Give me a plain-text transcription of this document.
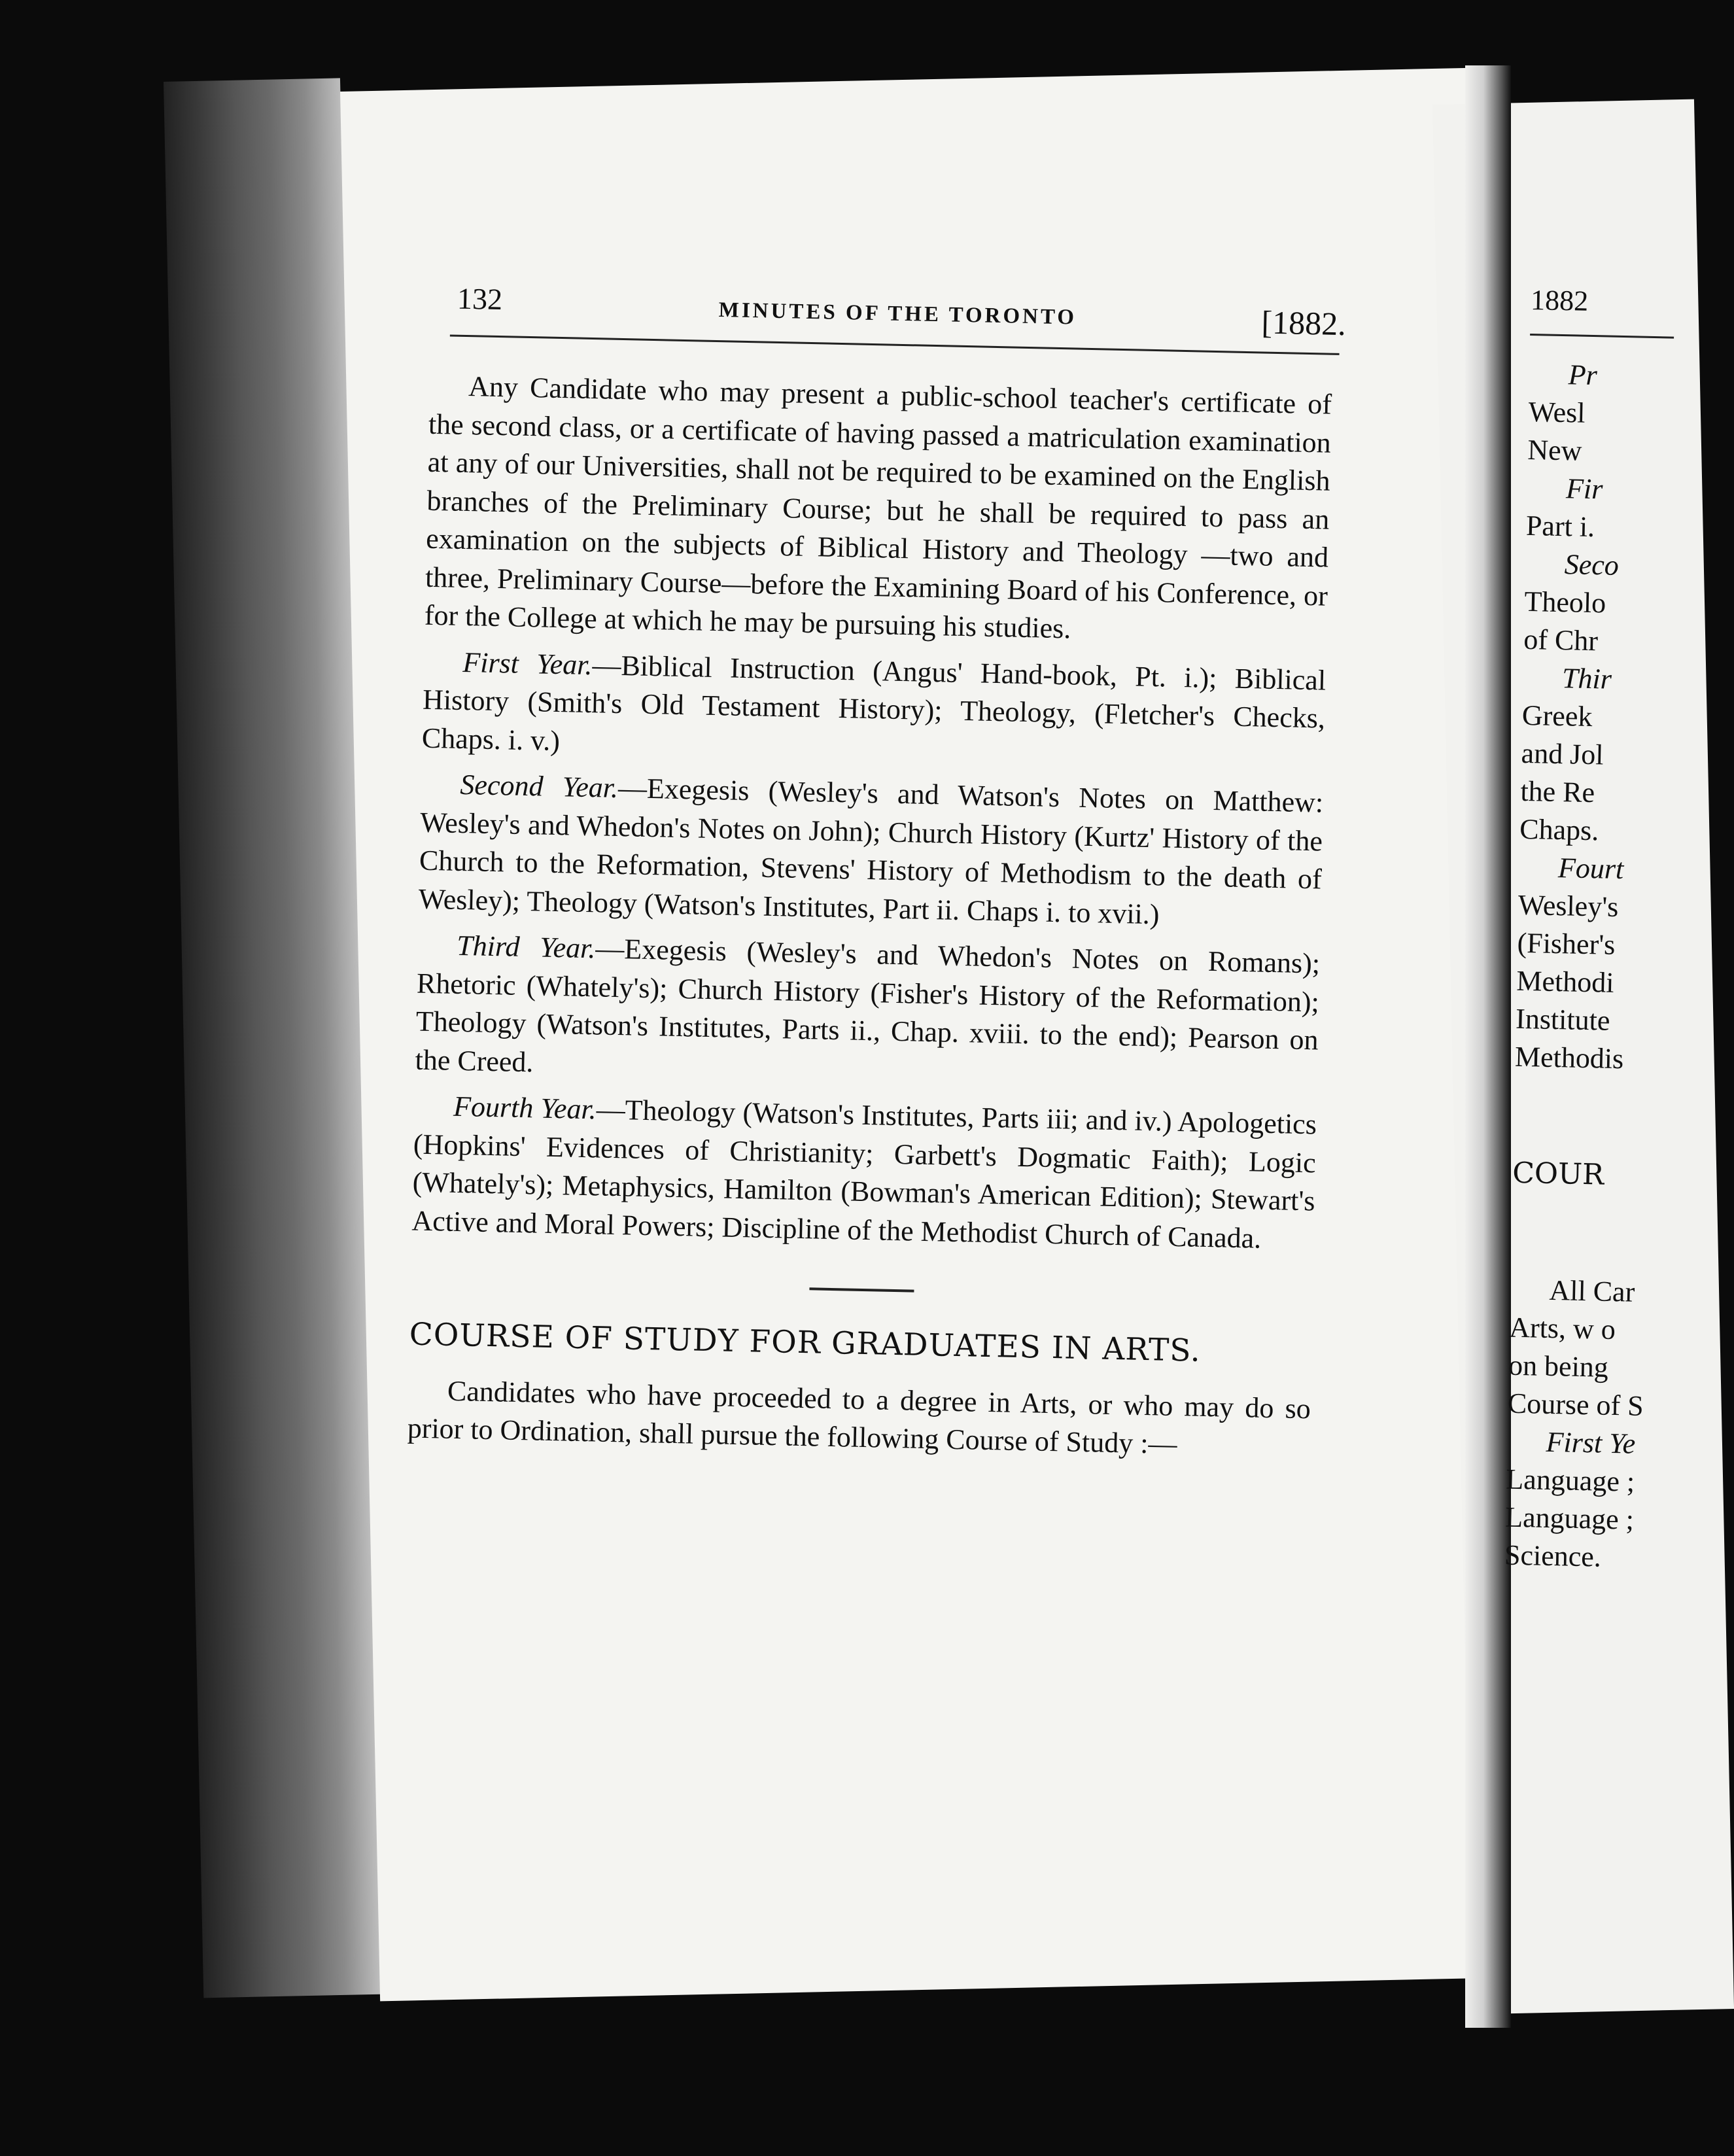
132	MINUTES OF THE TORONTO	[1882.

Any Candidate who may present a public-school teacher's certificate of the second class, or a certificate of having passed a matriculation examination at any of our Universities, shall not be required to be examined on the English branches of the Preliminary Course; but he shall be required to pass an examination on the subjects of Biblical History and Theology —two and three, Preliminary Course—before the Examining Board of his Conference, or for the College at which he may be pursuing his studies.

First Year.—Biblical Instruction (Angus' Hand-book, Pt. i.); Biblical History (Smith's Old Testament History); Theology, (Fletcher's Checks, Chaps. i. v.)

Second Year.—Exegesis (Wesley's and Watson's Notes on Matthew: Wesley's and Whedon's Notes on John); Church History (Kurtz' History of the Church to the Reformation, Stevens' History of Methodism to the death of Wesley); Theology (Watson's Institutes, Part ii. Chaps i. to xvii.)

Third Year.—Exegesis (Wesley's and Whedon's Notes on Romans); Rhetoric (Whately's); Church History (Fisher's History of the Reformation); Theology (Watson's Institutes, Parts ii., Chap. xviii. to the end); Pearson on the Creed.

Fourth Year.—Theology (Watson's Institutes, Parts iii; and iv.) Apologetics (Hopkins' Evidences of Christianity; Garbett's Dogmatic Faith); Logic (Whately's); Metaphysics, Hamilton (Bowman's American Edition); Stewart's Active and Moral Powers; Discipline of the Methodist Church of Canada.

COURSE OF STUDY FOR GRADUATES IN ARTS.

Candidates who have proceeded to a degree in Arts, or who may do so prior to Ordination, shall pursue the following Course of Study :—

1882
Pr
Wesl
New
Fir
Part i.
Seco
Theolo
of Chr
Thir
Greek
and Jol
the Re
Chaps.
Fourt
Wesley's
(Fisher's
Methodi
Institute
Methodis
COUR
All Car
Arts, w o
on being
Course of S
First Ye
Language ;
Language ;
Science.
